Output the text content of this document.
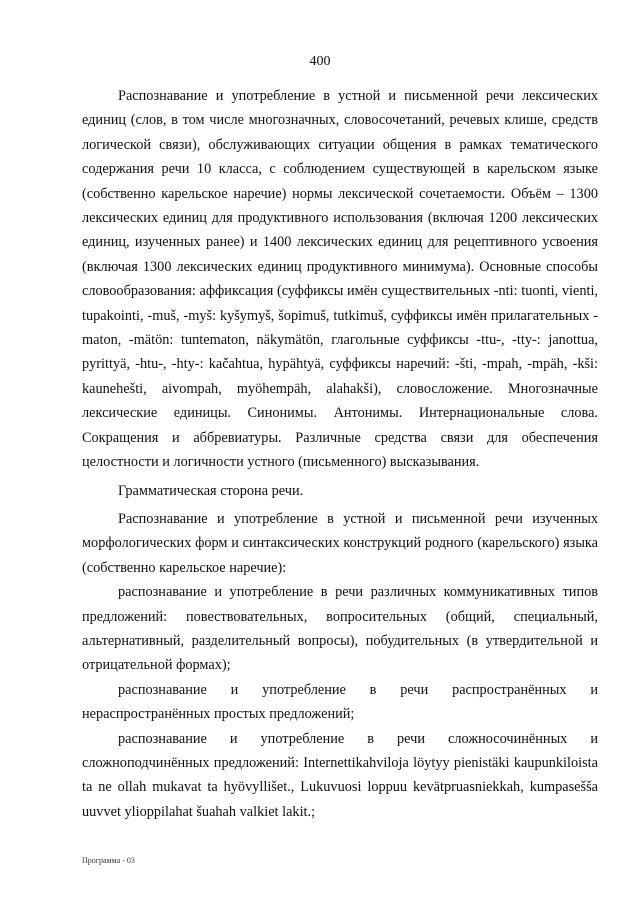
400

Распознавание и употребление в устной и письменной речи лексических единиц (слов, в том числе многозначных, словосочетаний, речевых клише, средств логической связи), обслуживающих ситуации общения в рамках тематического содержания речи 10 класса, с соблюдением существующей в карельском языке (собственно карельское наречие) нормы лексической сочетаемости. Объём – 1300 лексических единиц для продуктивного использования (включая 1200 лексических единиц, изученных ранее) и 1400 лексических единиц для рецептивного усвоения (включая 1300 лексических единиц продуктивного минимума). Основные способы словообразования: аффиксация (суффиксы имён существительных -nti: tuonti, vienti, tupakointi, -muš, -myš: kyšymyš, šopimuš, tutkimuš, суффиксы имён прилагательных -maton, -mätön: tuntematon, näkymätön, глагольные суффиксы -ttu-, -tty-: janottua, pyrittyä, -htu-, -hty-: kačahtua, hypähtyä, суффиксы наречий: -šti, -mpah, -mpäh, -kši: kaunehešti, aivompah, myöhempäh, alahakši), словосложение. Многозначные лексические единицы. Синонимы. Антонимы. Интернациональные слова. Сокращения и аббревиатуры. Различные средства связи для обеспечения целостности и логичности устного (письменного) высказывания.

Грамматическая сторона речи.

Распознавание и употребление в устной и письменной речи изученных морфологических форм и синтаксических конструкций родного (карельского) языка (собственно карельское наречие):

распознавание и употребление в речи различных коммуникативных типов предложений: повествовательных, вопросительных (общий, специальный, альтернативный, разделительный вопросы), побудительных (в утвердительной и отрицательной формах);

распознавание и употребление в речи распространённых и нераспространённых простых предложений;

распознавание и употребление в речи сложносочинённых и сложноподчинённых предложений: Internettikahviloja löytyy pienistäki kaupunkiloista ta ne ollah mukavat ta hyövyllišet., Lukuvuosi loppuu kevätpruasniekkah, kumpasešša uuvvet ylioppilahat šuahah valkiet lakit.;

Программа - 03
